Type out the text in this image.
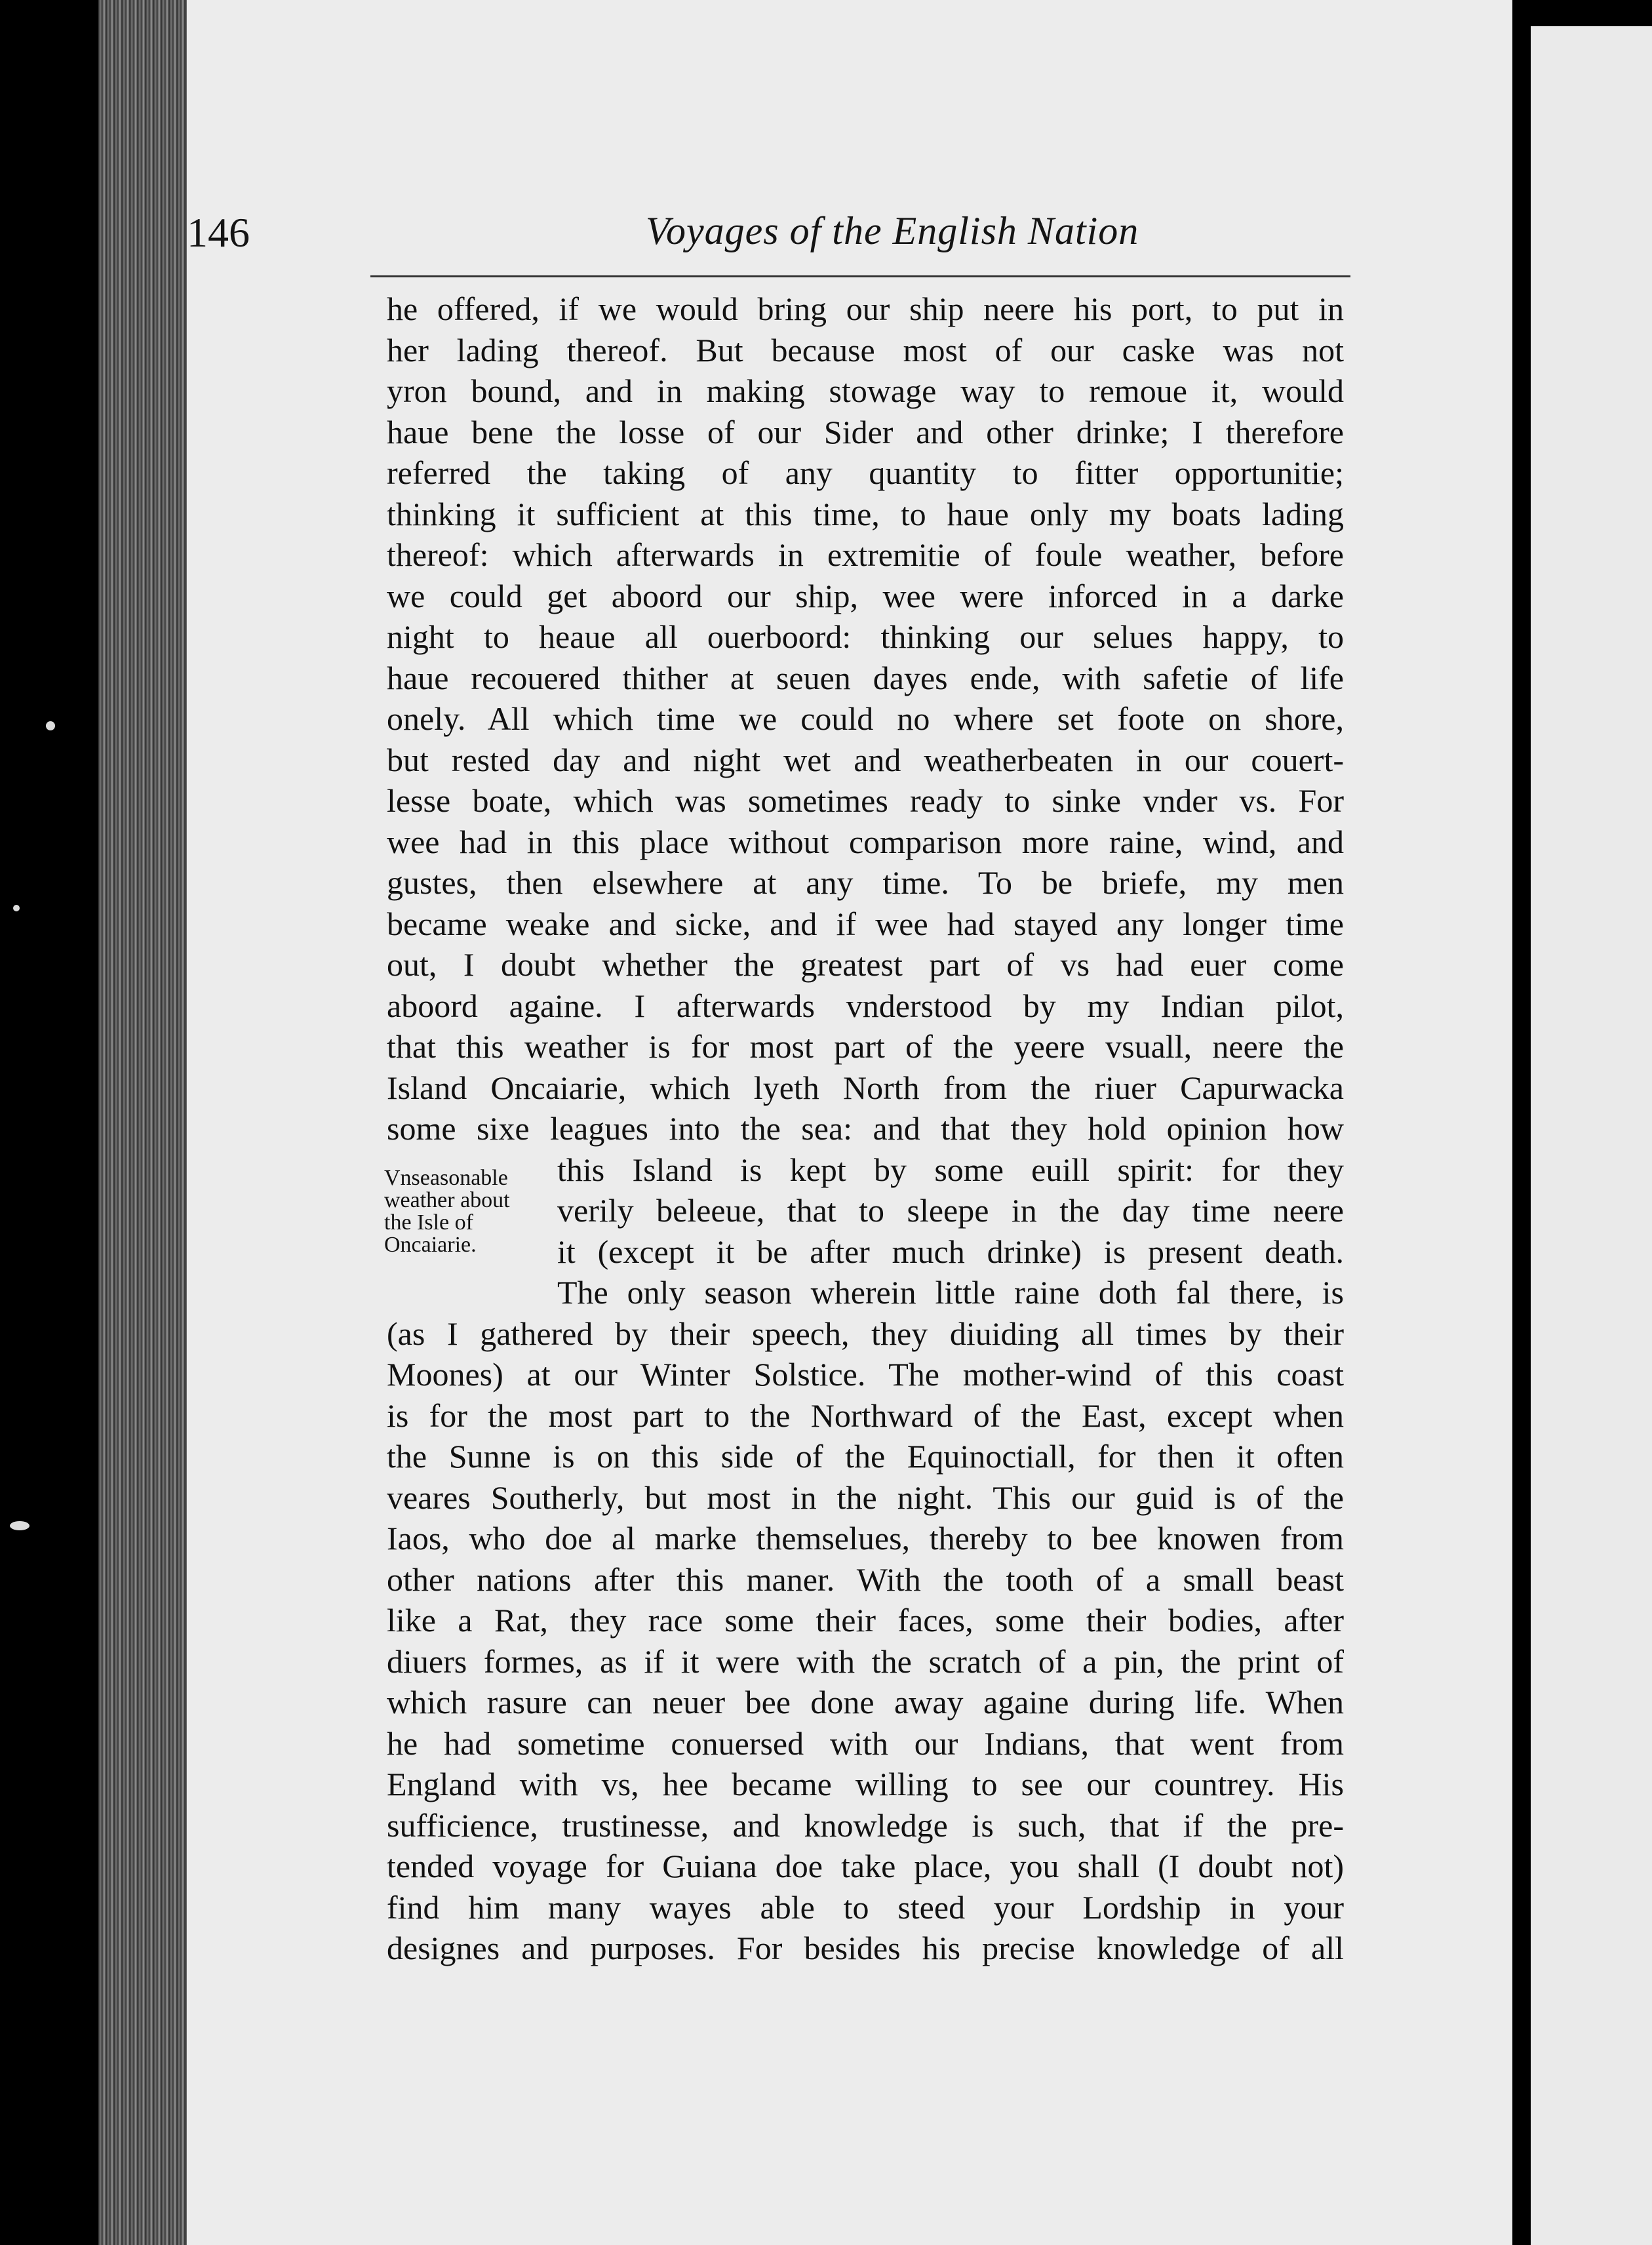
146	Voyages of the English Nation
Vnseasonable
weather about
the Isle of
Oncaiarie.
he offered, if we would bring our ship neere his port, to put in
her lading thereof. But because most of our caske was not
yron bound, and in making stowage way to remoue it, would
haue bene the losse of our Sider and other drinke; I therefore
referred the taking of any quantity to fitter opportunitie;
thinking it sufficient at this time, to haue only my boats lading
thereof: which afterwards in extremitie of foule weather, before
we could get aboord our ship, wee were inforced in a darke
night to heaue all ouerboord: thinking our selues happy, to
haue recouered thither at seuen dayes ende, with safetie of life
onely. All which time we could no where set foote on shore,
but rested day and night wet and weatherbeaten in our couert-
lesse boate, which was sometimes ready to sinke vnder vs. For
wee had in this place without comparison more raine, wind, and
gustes, then elsewhere at any time. To be briefe, my men
became weake and sicke, and if wee had stayed any longer time
out, I doubt whether the greatest part of vs had euer come
aboord againe. I afterwards vnderstood by my Indian pilot,
that this weather is for most part of the yeere vsuall, neere the
Island Oncaiarie, which lyeth North from the riuer Capurwacka
some sixe leagues into the sea: and that they hold opinion how
this Island is kept by some euill spirit: for they
verily beleeue, that to sleepe in the day time neere
it (except it be after much drinke) is present death.
The only season wherein little raine doth fal there, is
(as I gathered by their speech, they diuiding all times by their
Moones) at our Winter Solstice. The mother-wind of this coast
is for the most part to the Northward of the East, except when
the Sunne is on this side of the Equinoctiall, for then it often
veares Southerly, but most in the night. This our guid is of the
Iaos, who doe al marke themselues, thereby to bee knowen from
other nations after this maner. With the tooth of a small beast
like a Rat, they race some their faces, some their bodies, after
diuers formes, as if it were with the scratch of a pin, the print of
which rasure can neuer bee done away againe during life. When
he had sometime conuersed with our Indians, that went from
England with vs, hee became willing to see our countrey. His
sufficience, trustinesse, and knowledge is such, that if the pre-
tended voyage for Guiana doe take place, you shall (I doubt not)
find him many wayes able to steed your Lordship in your
designes and purposes. For besides his precise knowledge of all
